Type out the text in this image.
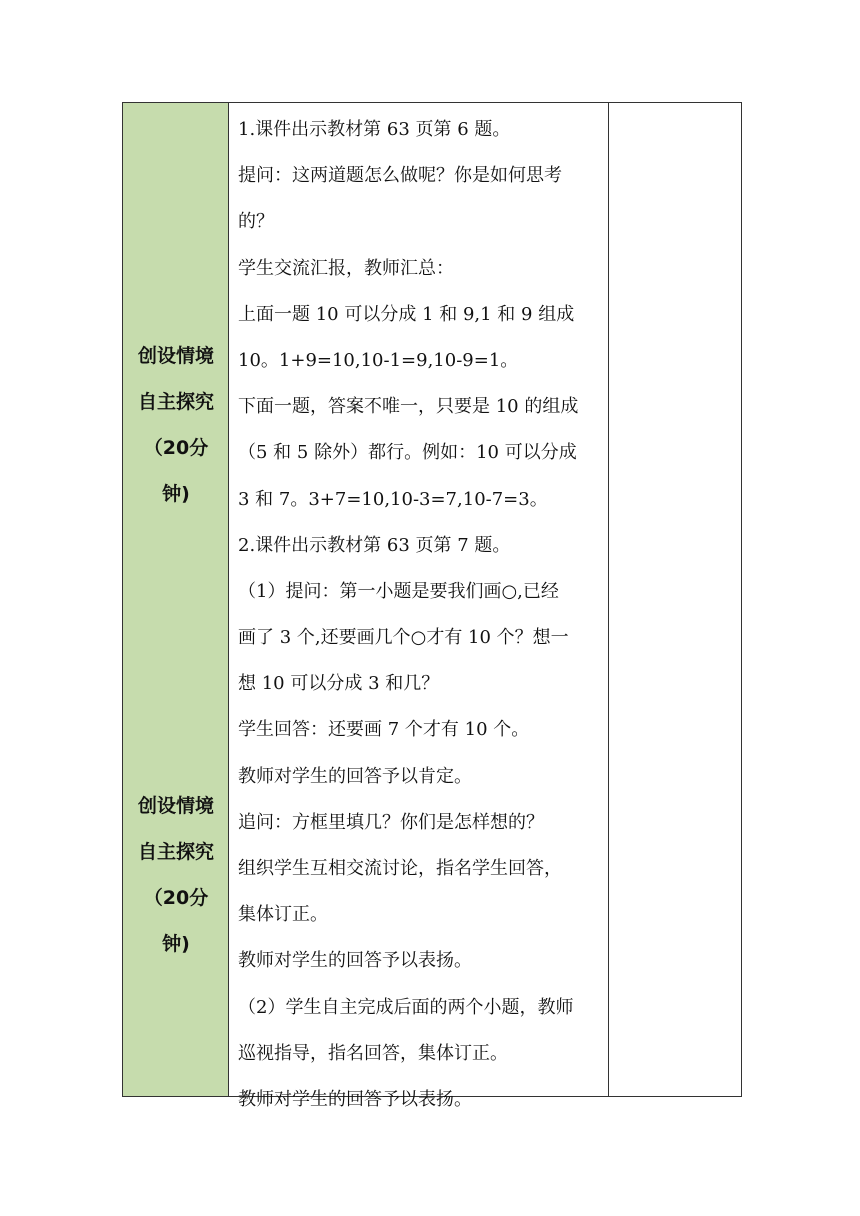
创设情境
自主探究
（20分
钟)
创设情境
自主探究
（20分
钟)
1.课件出示教材第 63 页第 6 题。
提问：这两道题怎么做呢？你是如何思考
的？
学生交流汇报，教师汇总：
上面一题 10 可以分成 1 和 9,1 和 9 组成
10。1+9=10,10-1=9,10-9=1。
下面一题，答案不唯一，只要是 10 的组成
（5 和 5 除外）都行。例如：10 可以分成
3 和 7。3+7=10,10-3=7,10-7=3。
2.课件出示教材第 63 页第 7 题。
（1）提问：第一小题是要我们画○,已经
画了 3 个,还要画几个○才有 10 个？想一
想 10 可以分成 3 和几？
学生回答：还要画 7 个才有 10 个。
教师对学生的回答予以肯定。
追问：方框里填几？你们是怎样想的？
组织学生互相交流讨论，指名学生回答，
集体订正。
教师对学生的回答予以表扬。
（2）学生自主完成后面的两个小题，教师
巡视指导，指名回答，集体订正。
教师对学生的回答予以表扬。
